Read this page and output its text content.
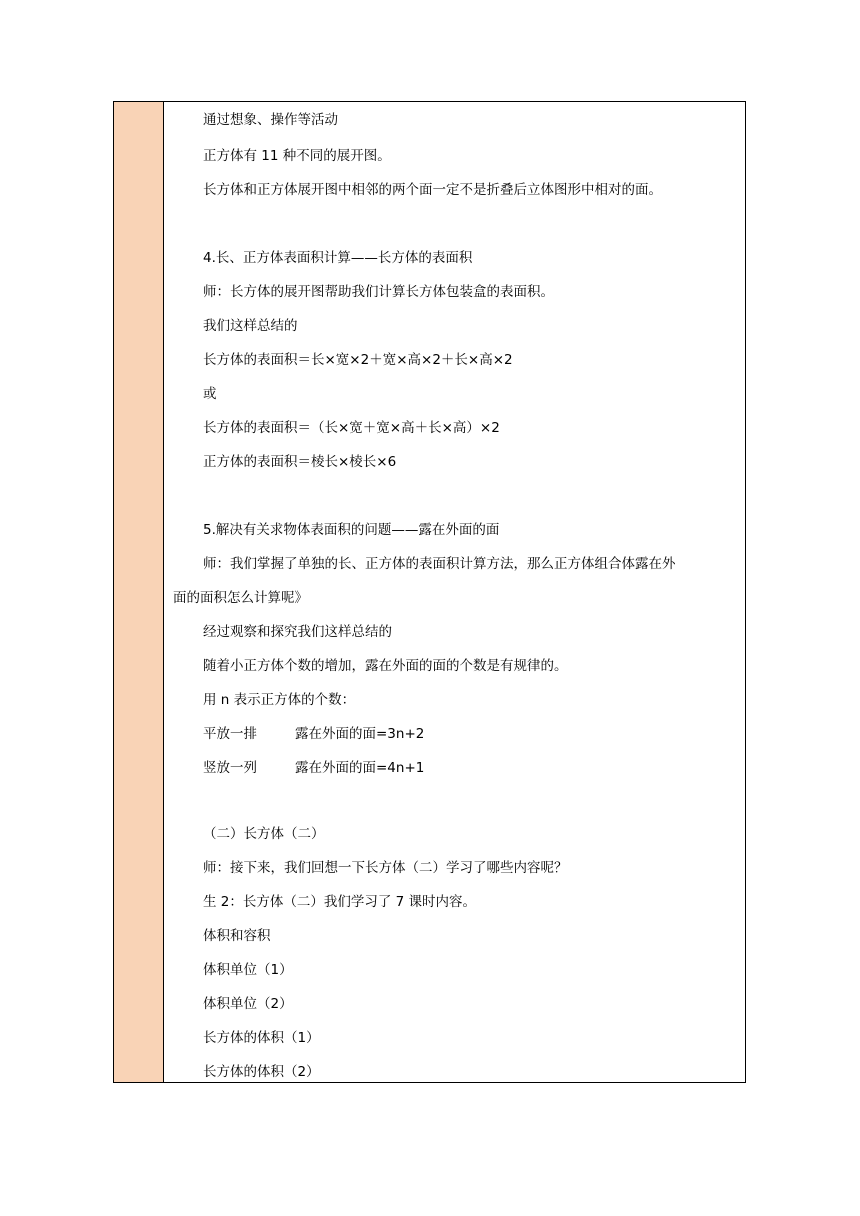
通过想象、操作等活动
正方体有 11 种不同的展开图。
长方体和正方体展开图中相邻的两个面一定不是折叠后立体图形中相对的面。
4.长、正方体表面积计算——长方体的表面积
师：长方体的展开图帮助我们计算长方体包装盒的表面积。
我们这样总结的
长方体的表面积＝长×宽×2＋宽×高×2＋长×高×2
或
长方体的表面积＝（长×宽＋宽×高＋长×高）×2
正方体的表面积＝棱长×棱长×6
5.解决有关求物体表面积的问题——露在外面的面
师：我们掌握了单独的长、正方体的表面积计算方法，那么正方体组合体露在外
面的面积怎么计算呢》
经过观察和探究我们这样总结的
随着小正方体个数的增加，露在外面的面的个数是有规律的。
用 n 表示正方体的个数：
平放一排	露在外面的面=3n+2
竖放一列	露在外面的面=4n+1
（二）长方体（二）
师：接下来，我们回想一下长方体（二）学习了哪些内容呢？
生 2：长方体（二）我们学习了 7 课时内容。
体积和容积
体积单位（1）
体积单位（2）
长方体的体积（1）
长方体的体积（2）
